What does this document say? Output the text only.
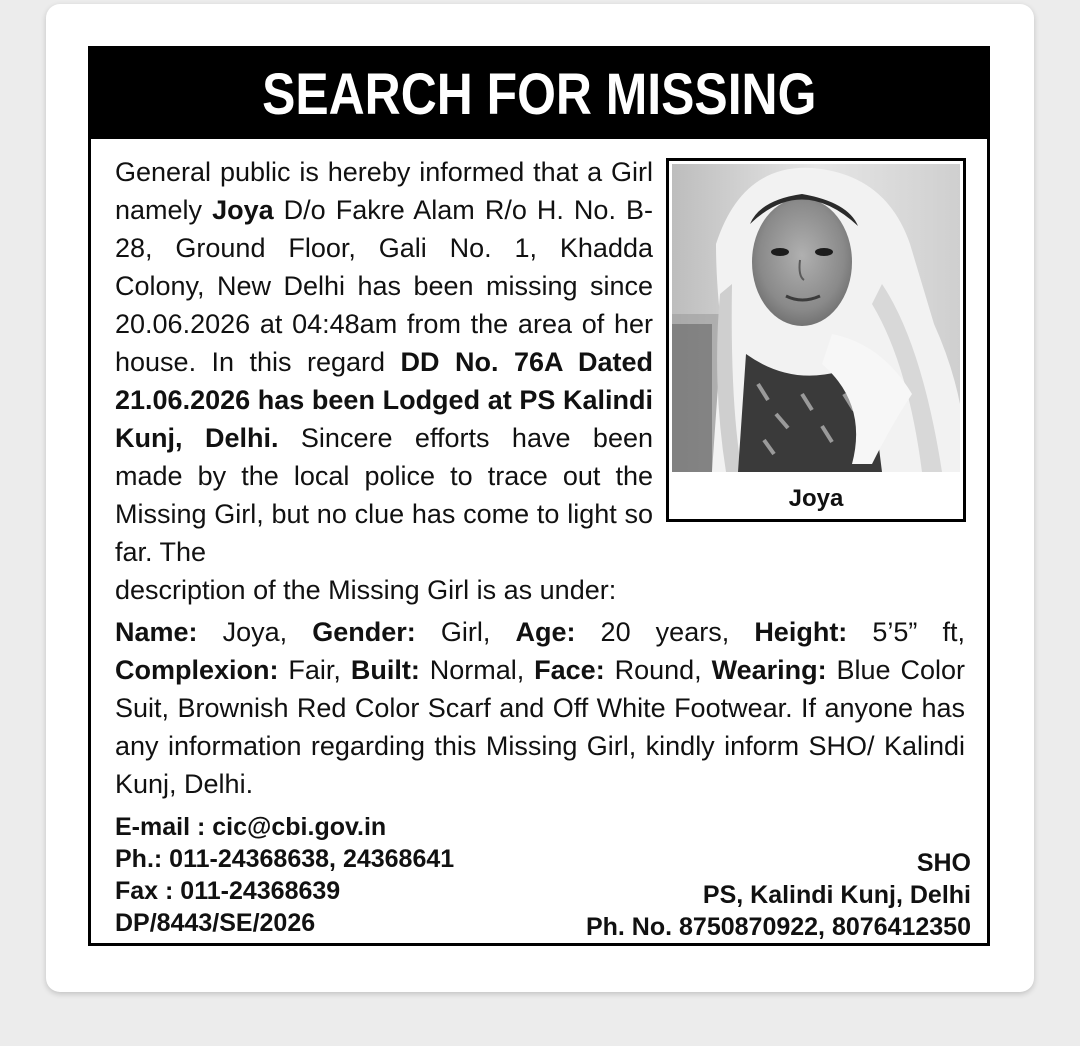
SEARCH FOR MISSING
General public is hereby informed that a Girl namely Joya D/o Fakre Alam R/o H. No. B-28, Ground Floor, Gali No. 1, Khadda Colony, New Delhi has been missing since 20.06.2026 at 04:48am from the area of her house. In this regard DD No. 76A Dated 21.06.2026 has been Lodged at PS Kalindi Kunj, Delhi. Sincere efforts have been made by the local police to trace out the Missing Girl, but no clue has come to light so far. The
Joya
description of the Missing Girl is as under:
Name: Joya, Gender: Girl, Age: 20 years, Height: 5’5” ft, Complexion: Fair, Built: Normal, Face: Round, Wearing: Blue Color Suit, Brownish Red Color Scarf and Off White Footwear. If anyone has any information regarding this Missing Girl, kindly inform SHO/ Kalindi Kunj, Delhi.
E-mail : cic@cbi.gov.in
Ph.: 011-24368638, 24368641
Fax : 011-24368639
DP/8443/SE/2026
SHO
PS, Kalindi Kunj, Delhi
Ph. No. 8750870922, 8076412350
